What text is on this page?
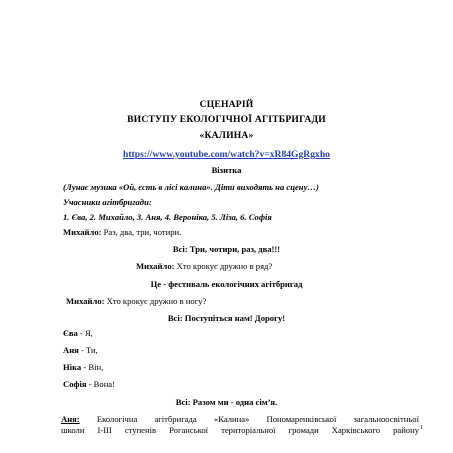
СЦЕНАРІЙ

ВИСТУПУ ЕКОЛОГІЧНОЇ АГІТБРИГАДИ

«КАЛИНА»

https://www.youtube.com/watch?v=xR84GgRgxho

Візитка

(Лунає музика «Ой, єсть в лісі калина». Діти виходять на сцену…)

Учасники агітбригади:

1. Єва, 2. Михайло, 3. Аня, 4. Вероніка, 5. Ліза, 6. Софія

Михайло: Раз, два, три, чотири.

Всі: Три, чотири, раз, два!!!

Михайло: Хто крокує дружно в ряд?

Це - фестиваль екологічних агітбригад

Михайло: Хто крокує дружно в ногу?

Всі: Поступіться нам! Дорогу!

Єва - Я,

Аня - Ти,

Ніка - Він,

Софія - Вона!

Всі: Разом ми - одна сім’я.

Аня: Екологічна агітбригада «Калина» Пономаренківської загальноосвітньої
школи І-ІІІ ступенів Роганської територіальної громади Харківського району 1
